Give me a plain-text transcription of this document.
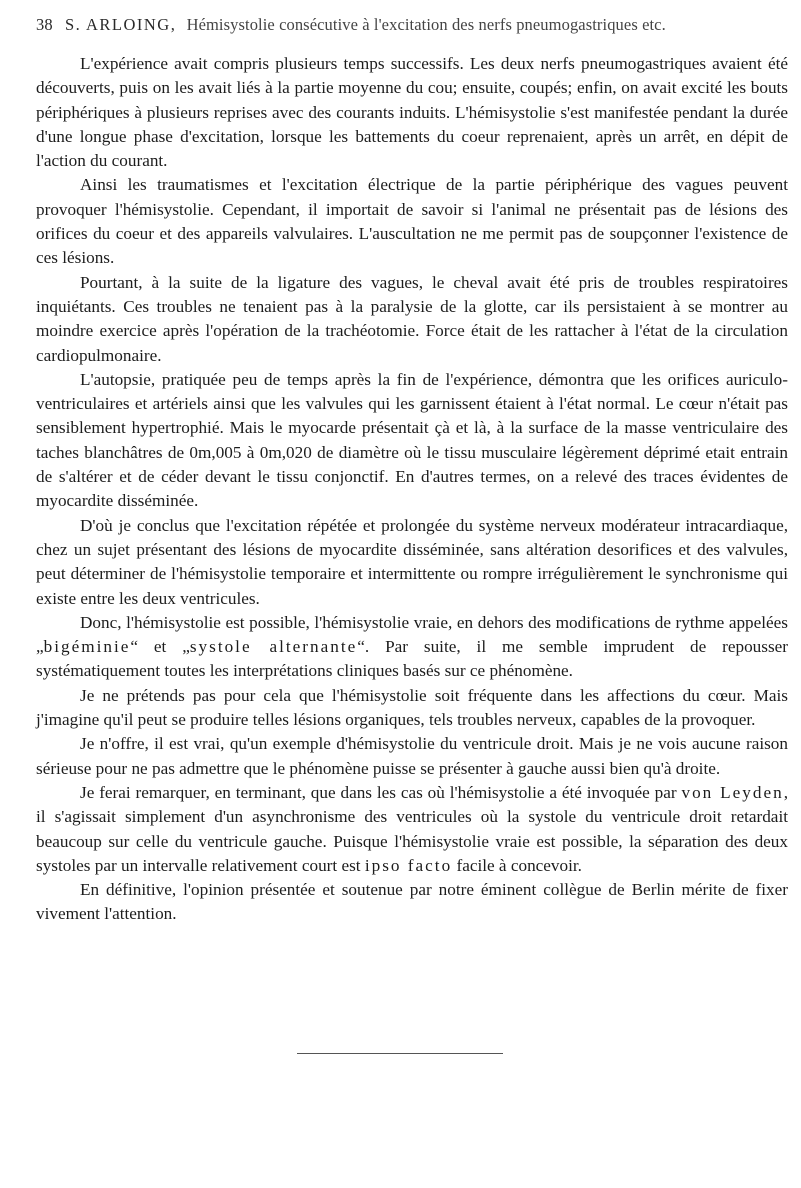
38 S. ARLOING, Hémisystolie consécutive à l'excitation des nerfs pneumogastriques etc.

L'expérience avait compris plusieurs temps successifs. Les deux nerfs pneumogastriques avaient été découverts, puis on les avait liés à la partie moyenne du cou; ensuite, coupés; enfin, on avait excité les bouts périphériques à plusieurs reprises avec des courants induits. L'hémisystolie s'est manifestée pendant la durée d'une longue phase d'excitation, lorsque les battements du coeur reprenaient, après un arrêt, en dépit de l'action du courant.

Ainsi les traumatismes et l'excitation électrique de la partie périphérique des vagues peuvent provoquer l'hémisystolie. Cependant, il importait de savoir si l'animal ne présentait pas de lésions des orifices du coeur et des appareils valvulaires. L'auscultation ne me permit pas de soupçonner l'existence de ces lésions.

Pourtant, à la suite de la ligature des vagues, le cheval avait été pris de troubles respiratoires inquiétants. Ces troubles ne tenaient pas à la paralysie de la glotte, car ils persistaient à se montrer au moindre exercice après l'opération de la trachéotomie. Force était de les rattacher à l'état de la circulation cardiopulmonaire.

L'autopsie, pratiquée peu de temps après la fin de l'expérience, démontra que les orifices auriculo-ventriculaires et artériels ainsi que les valvules qui les garnissent étaient à l'état normal. Le cœur n'était pas sensiblement hypertrophié. Mais le myocarde présentait çà et là, à la surface de la masse ventriculaire des taches blanchâtres de 0m,005 à 0m,020 de diamètre où le tissu musculaire légèrement déprimé etait entrain de s'altérer et de céder devant le tissu conjonctif. En d'autres termes, on a relevé des traces évidentes de myocardite disséminée.

D'où je conclus que l'excitation répétée et prolongée du système nerveux modérateur intracardiaque, chez un sujet présentant des lésions de myocardite disséminée, sans altération desorifices et des valvules, peut déterminer de l'hémisystolie temporaire et intermittente ou rompre irrégulièrement le synchronisme qui existe entre les deux ventricules.

Donc, l'hémisystolie est possible, l'hémisystolie vraie, en dehors des modifications de rythme appelées „bigéminie“ et „systole alternante“. Par suite, il me semble imprudent de repousser systématiquement toutes les interprétations cliniques basés sur ce phénomène.

Je ne prétends pas pour cela que l'hémisystolie soit fréquente dans les affections du cœur. Mais j'imagine qu'il peut se produire telles lésions organiques, tels troubles nerveux, capables de la provoquer.

Je n'offre, il est vrai, qu'un exemple d'hémisystolie du ventricule droit. Mais je ne vois aucune raison sérieuse pour ne pas admettre que le phénomène puisse se présenter à gauche aussi bien qu'à droite.

Je ferai remarquer, en terminant, que dans les cas où l'hémisystolie a été invoquée par von Leyden, il s'agissait simplement d'un asynchronisme des ventricules où la systole du ventricule droit retardait beaucoup sur celle du ventricule gauche. Puisque l'hémisystolie vraie est possible, la séparation des deux systoles par un intervalle relativement court est ipso facto facile à concevoir.

En définitive, l'opinion présentée et soutenue par notre éminent collègue de Berlin mérite de fixer vivement l'attention.
